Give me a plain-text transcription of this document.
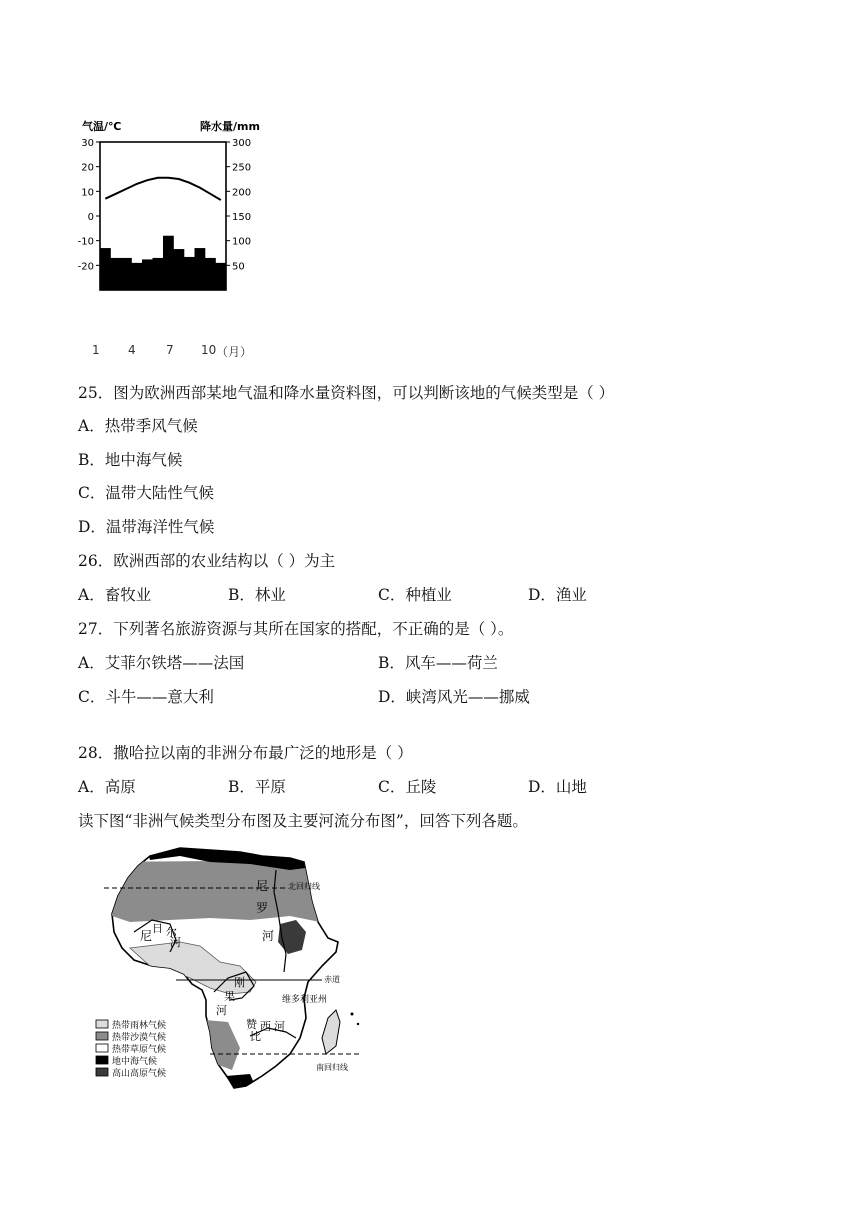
气温/℃	降水量/mm
30
20
10
0
-10
-20
300
250
200
150
100
50
1 4	7 10 （月）
25．图为欧洲西部某地气温和降水量资料图，可以判断该地的气候类型是（ ）
A．热带季风气候
B．地中海气候
C．温带大陆性气候
D．温带海洋性气候
26．欧洲西部的农业结构以（ ）为主
A．畜牧业	B．林业	C．种植业	D．渔业
27．下列著名旅游资源与其所在国家的搭配，不正确的是（ ）。
A．艾菲尔铁塔——法国	B．风车——荷兰
C．斗牛——意大利	D．峡湾风光——挪威
28．撒哈拉以南的非洲分布最广泛的地形是（ ）
A．高原	B．平原	C．丘陵	D．山地
读下图“非洲气候类型分布图及主要河流分布图”，回答下列各题。
北回归线
赤道
南回归线
维多利亚州
尼
罗
河
尼
日 尔
河
刚
果
河
赞
比
西 河
热带雨林气候
热带沙漠气候
热带草原气候
地中海气候
高山高原气候
